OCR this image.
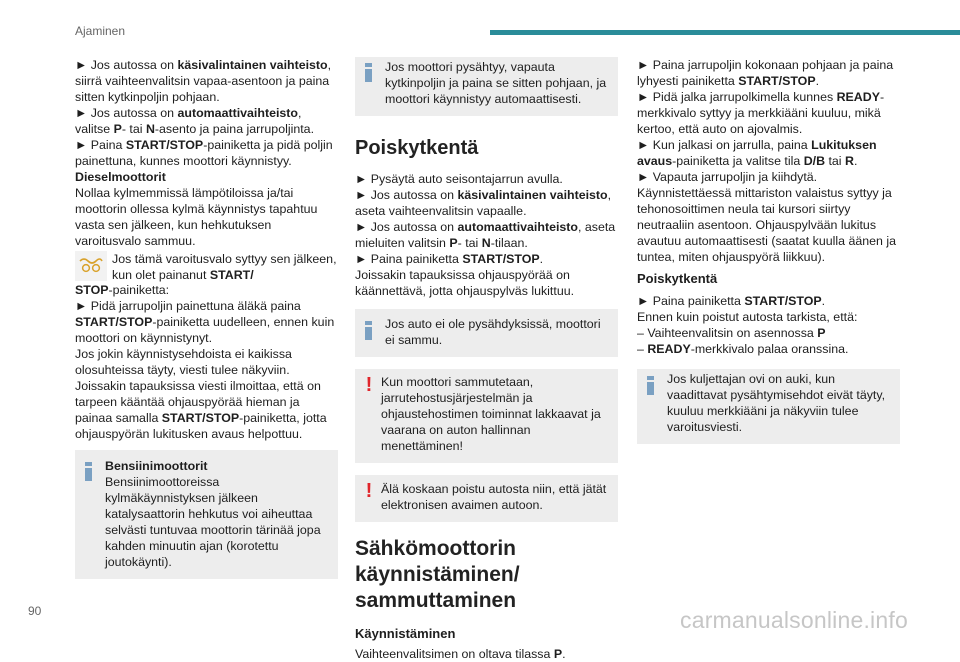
Ajaminen

► Jos autossa on käsivalintainen vaihteisto, siirrä vaihteenvalitsin vapaa-asentoon ja paina sitten kytkinpoljin pohjaan.

► Jos autossa on automaattivaihteisto, valitse P- tai N-asento ja paina jarrupoljinta.

► Paina START/STOP-painiketta ja pidä poljin painettuna, kunnes moottori käynnistyy.

Dieselmoottorit

Nollaa kylmemmissä lämpötiloissa ja/tai moottorin ollessa kylmä käynnistys tapahtuu vasta sen jälkeen, kun hehkutuksen varoitusvalo sammuu.

Jos tämä varoitusvalo syttyy sen jälkeen, kun olet painanut START/

STOP-painiketta:

► Pidä jarrupoljin painettuna äläkä paina START/STOP-painiketta uudelleen, ennen kuin moottori on käynnistynyt.

Jos jokin käynnistysehdoista ei kaikissa olosuhteissa täyty, viesti tulee näkyviin.

Joissakin tapauksissa viesti ilmoittaa, että on tarpeen kääntää ohjauspyörää hieman ja painaa samalla START/STOP-painiketta, jotta ohjauspyörän lukitusken avaus helpottuu.

Bensiinimoottorit
Bensiinimoottoreissa kylmäkäynnistyksen jälkeen katalysaattorin hehkutus voi aiheuttaa selvästi tuntuvaa moottorin tärinää jopa kahden minuutin ajan (korotettu joutokäynti).
Jos moottori pysähtyy, vapauta kytkinpoljin ja paina se sitten pohjaan, ja moottori käynnistyy automaattisesti.

Poiskytkentä

► Pysäytä auto seisontajarrun avulla.

► Jos autossa on käsivalintainen vaihteisto, aseta vaihteenvalitsin vapaalle.

► Jos autossa on automaattivaihteisto, aseta mieluiten valitsin P- tai N-tilaan.

► Paina painiketta START/STOP.

Joissakin tapauksissa ohjauspyörää on käännettävä, jotta ohjauspylväs lukittuu.

Jos auto ei ole pysähdyksissä, moottori ei sammu.
! Kun moottori sammutetaan, jarrutehostusjärjestelmän ja ohjaustehostimen toiminnat lakkaavat ja vaarana on auton hallinnan menettäminen!
! Älä koskaan poistu autosta niin, että jätät elektronisen avaimen autoon.
Sähkömoottorin
käynnistäminen/
sammuttaminen

Käynnistäminen

Vaihteenvalitsimen on oltava tilassa P.

► Paina jarrupoljin kokonaan pohjaan ja paina lyhyesti painiketta START/STOP.

► Pidä jalka jarrupolkimella kunnes READY-merkkivalo syttyy ja merkkiääni kuuluu, mikä kertoo, että auto on ajovalmis.

► Kun jalkasi on jarrulla, paina Lukituksen avaus-painiketta ja valitse tila D/B tai R.

► Vapauta jarrupoljin ja kiihdytä.

Käynnistettäessä mittariston valaistus syttyy ja tehonosoittimen neula tai kursori siirtyy neutraaliin asentoon. Ohjauspylvään lukitus avautuu automaattisesti (saatat kuulla äänen ja tuntea, miten ohjauspyörä liikkuu).

Poiskytkentä

► Paina painiketta START/STOP.

Ennen kuin poistut autosta tarkista, että:

– Vaihteenvalitsin on asennossa P

– READY-merkkivalo palaa oranssina.

Jos kuljettajan ovi on auki, kun vaadittavat pysähtymisehdot eivät täyty, kuuluu merkkiääni ja näkyviin tulee varoitusviesti.
90	carmanualsonline.info
